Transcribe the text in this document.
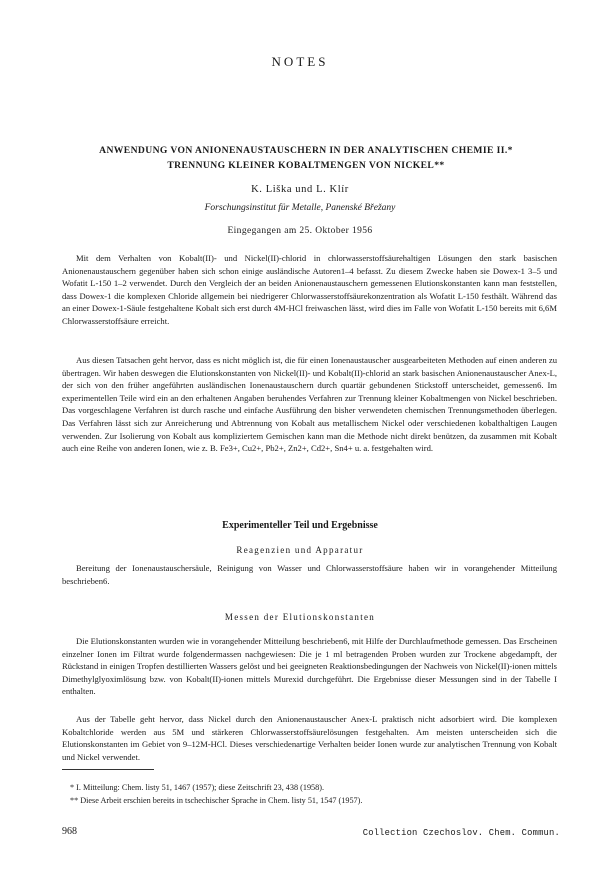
NOTES
ANWENDUNG VON ANIONENAUSTAUSCHERN IN DER ANALYTISCHEN CHEMIE II.*
TRENNUNG KLEINER KOBALTMENGEN VON NICKEL**
K. Liška und L. Klír
Forschungsinstitut für Metalle, Panenské Břežany
Eingegangen am 25. Oktober 1956

Mit dem Verhalten von Kobalt(II)- und Nickel(II)-chlorid in chlorwasserstoffsäurehaltigen Lösungen den stark basischen Anionenaustauschern gegenüber haben sich schon einige ausländische Autoren1–4 befasst. Zu diesem Zwecke haben sie Dowex-1 3–5 und Wofatit L-150 1–2 verwendet. Durch den Vergleich der an beiden Anionenaustauschern gemessenen Elutionskonstanten kann man feststellen, dass Dowex-1 die komplexen Chloride allgemein bei niedrigerer Chlorwasserstoffsäurekonzentration als Wofatit L-150 festhält. Während das an einer Dowex-1-Säule festgehaltene Kobalt sich erst durch 4M-HCl freiwaschen lässt, wird dies im Falle von Wofatit L-150 bereits mit 6,6M Chlorwasserstoffsäure erreicht.

Aus diesen Tatsachen geht hervor, dass es nicht möglich ist, die für einen Ionenaustauscher ausgearbeiteten Methoden auf einen anderen zu übertragen. Wir haben deswegen die Elutionskonstanten von Nickel(II)- und Kobalt(II)-chlorid an stark basischen Anionenaustauscher Anex-L, der sich von den früher angeführten ausländischen Ionenaustauschern durch quartär gebundenen Stickstoff unterscheidet, gemessen6. Im experimentellen Teile wird ein an den erhaltenen Angaben beruhendes Verfahren zur Trennung kleiner Kobaltmengen von Nickel beschrieben. Das vorgeschlagene Verfahren ist durch rasche und einfache Ausführung den bisher verwendeten chemischen Trennungsmethoden überlegen. Das Verfahren lässt sich zur Anreicherung und Abtrennung von Kobalt aus metallischem Nickel oder verschiedenen kobalthaltigen Laugen verwenden. Zur Isolierung von Kobalt aus kompliziertem Gemischen kann man die Methode nicht direkt benützen, da zusammen mit Kobalt auch eine Reihe von anderen Ionen, wie z. B. Fe3+, Cu2+, Pb2+, Zn2+, Cd2+, Sn4+ u. a. festgehalten wird.

Experimenteller Teil und Ergebnisse
Reagenzien und Apparatur

Bereitung der Ionenaustauschersäule, Reinigung von Wasser und Chlorwasserstoffsäure haben wir in vorangehender Mitteilung beschrieben6.

Messen der Elutionskonstanten

Die Elutionskonstanten wurden wie in vorangehender Mitteilung beschrieben6, mit Hilfe der Durchlaufmethode gemessen. Das Erscheinen einzelner Ionen im Filtrat wurde folgendermassen nachgewiesen: Die je 1 ml betragenden Proben wurden zur Trockene abgedampft, der Rückstand in einigen Tropfen destillierten Wassers gelöst und bei geeigneten Reaktionsbedingungen der Nachweis von Nickel(II)-ionen mittels Dimethylglyoximlösung bzw. von Kobalt(II)-ionen mittels Murexid durchgeführt. Die Ergebnisse dieser Messungen sind in der Tabelle I enthalten.

Aus der Tabelle geht hervor, dass Nickel durch den Anionenaustauscher Anex-L praktisch nicht adsorbiert wird. Die komplexen Kobaltchloride werden aus 5M und stärkeren Chlorwasserstoffsäurelösungen festgehalten. Am meisten unterscheiden sich die Elutionskonstanten im Gebiet von 9–12M-HCl. Dieses verschiedenartige Verhalten beider Ionen wurde zur analytischen Trennung von Kobalt und Nickel verwendet.

* I. Mitteilung: Chem. listy 51, 1467 (1957); diese Zeitschrift 23, 438 (1958).

** Diese Arbeit erschien bereits in tschechischer Sprache in Chem. listy 51, 1547 (1957).

968	Collection Czechoslov. Chem. Commun.
